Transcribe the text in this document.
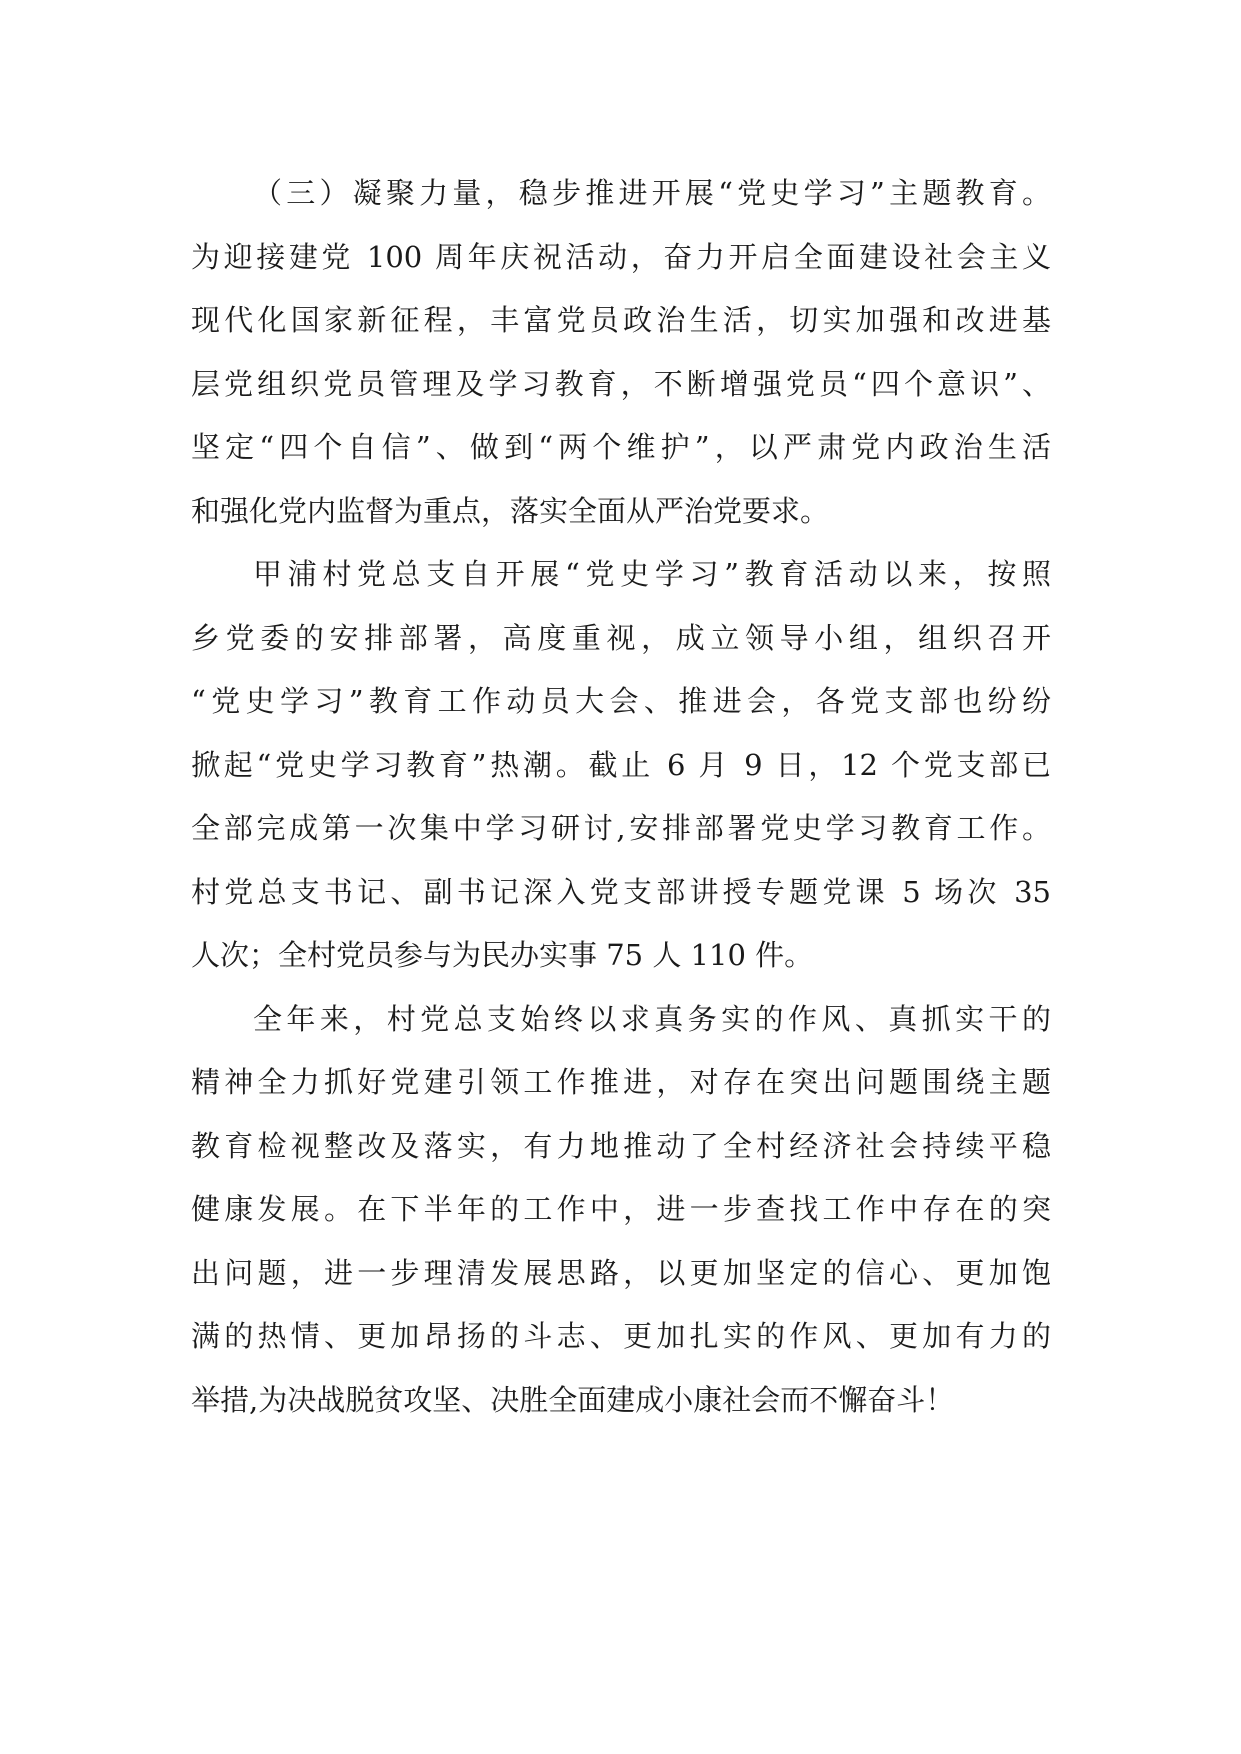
（三）凝聚力量，稳步推进开展“党史学习”主题教育。
为迎接建党 100 周年庆祝活动，奋力开启全面建设社会主义
现代化国家新征程，丰富党员政治生活，切实加强和改进基
层党组织党员管理及学习教育，不断增强党员“四个意识”、
坚定“四个自信”、做到“两个维护”，以严肃党内政治生活
和强化党内监督为重点，落实全面从严治党要求。
甲浦村党总支自开展“党史学习”教育活动以来，按照
乡党委的安排部署，高度重视，成立领导小组，组织召开
“党史学习”教育工作动员大会、推进会，各党支部也纷纷
掀起“党史学习教育”热潮。截止 6 月 9 日，12 个党支部已
全部完成第一次集中学习研讨,安排部署党史学习教育工作。
村党总支书记、副书记深入党支部讲授专题党课 5 场次 35
人次；全村党员参与为民办实事 75 人 110 件。
全年来，村党总支始终以求真务实的作风、真抓实干的
精神全力抓好党建引领工作推进，对存在突出问题围绕主题
教育检视整改及落实，有力地推动了全村经济社会持续平稳
健康发展。在下半年的工作中，进一步查找工作中存在的突
出问题，进一步理清发展思路，以更加坚定的信心、更加饱
满的热情、更加昂扬的斗志、更加扎实的作风、更加有力的
举措,为决战脱贫攻坚、决胜全面建成小康社会而不懈奋斗！
